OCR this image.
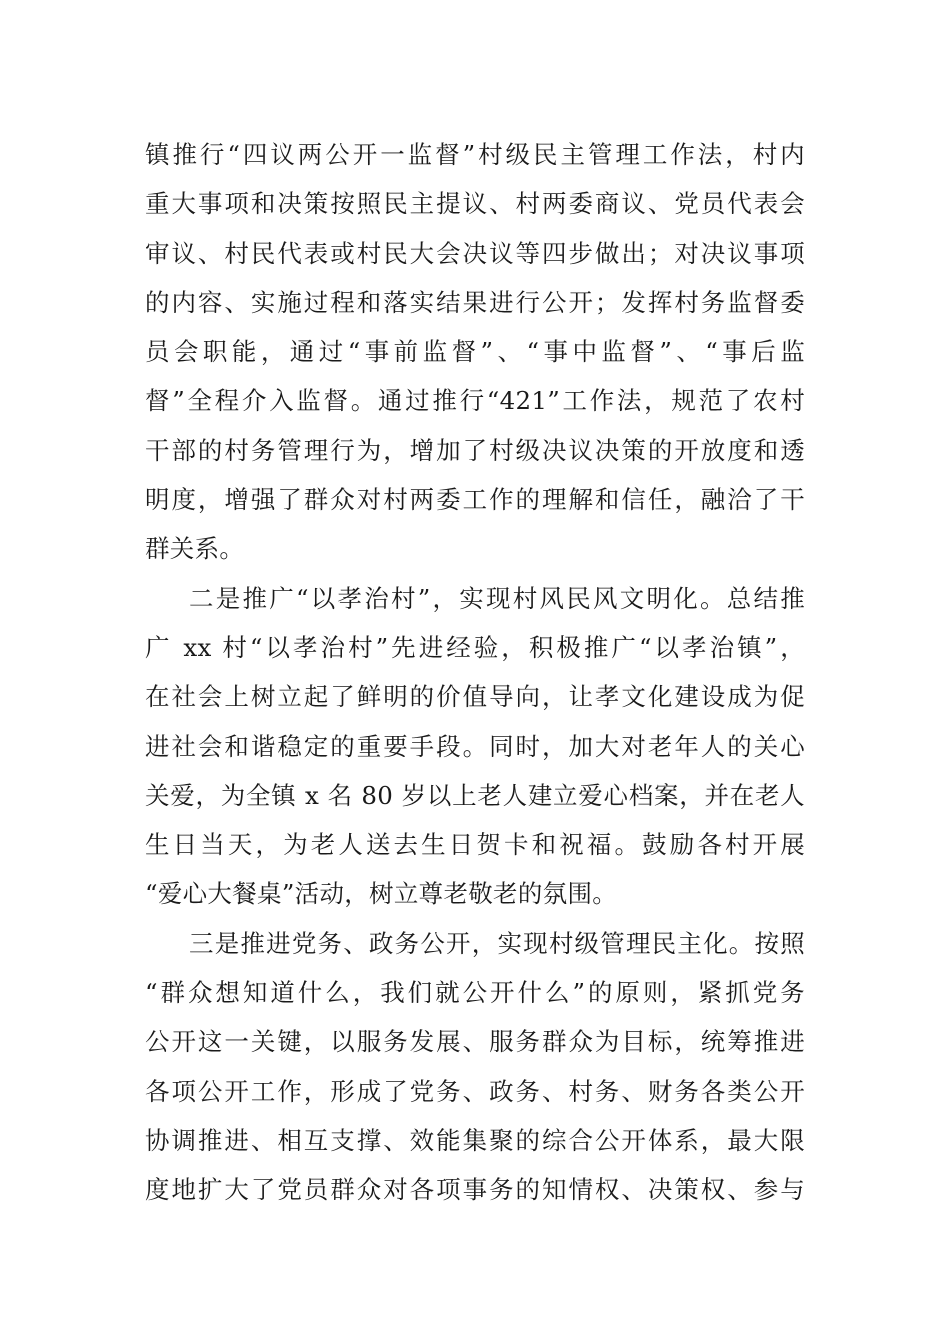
镇推行“四议两公开一监督”村级民主管理工作法，村内
重大事项和决策按照民主提议、村两委商议、党员代表会
审议、村民代表或村民大会决议等四步做出；对决议事项
的内容、实施过程和落实结果进行公开；发挥村务监督委
员会职能，通过“事前监督”、“事中监督”、“事后监
督”全程介入监督。通过推行“421”工作法，规范了农村
干部的村务管理行为，增加了村级决议决策的开放度和透
明度，增强了群众对村两委工作的理解和信任，融洽了干
群关系。
二是推广“以孝治村”，实现村风民风文明化。总结推
广 xx 村“以孝治村”先进经验，积极推广“以孝治镇”，
在社会上树立起了鲜明的价值导向，让孝文化建设成为促
进社会和谐稳定的重要手段。同时，加大对老年人的关心
关爱，为全镇 x 名 80 岁以上老人建立爱心档案，并在老人
生日当天，为老人送去生日贺卡和祝福。鼓励各村开展
“爱心大餐桌”活动，树立尊老敬老的氛围。
三是推进党务、政务公开，实现村级管理民主化。按照
“群众想知道什么，我们就公开什么”的原则，紧抓党务
公开这一关键，以服务发展、服务群众为目标，统筹推进
各项公开工作，形成了党务、政务、村务、财务各类公开
协调推进、相互支撑、效能集聚的综合公开体系，最大限
度地扩大了党员群众对各项事务的知情权、决策权、参与
